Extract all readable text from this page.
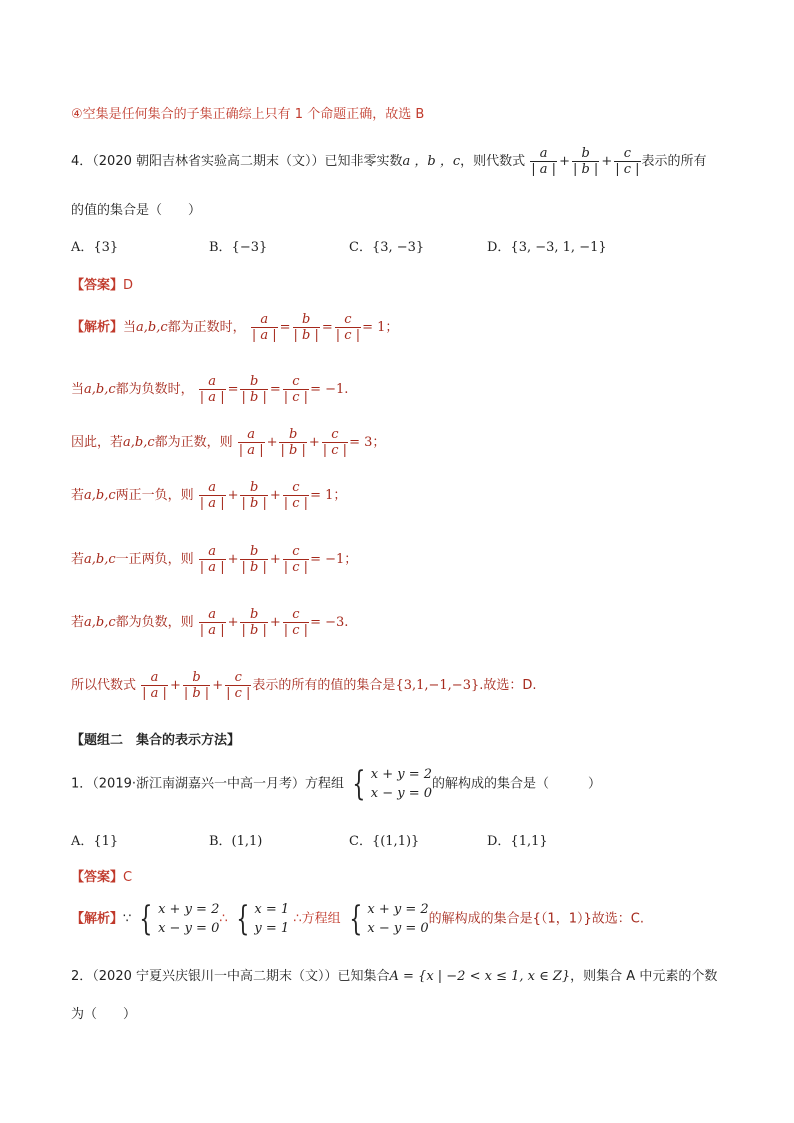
④空集是任何集合的子集正确综上只有 1 个命题正确，故选 B
4．（2020 朝阳吉林省实验高二期末（文））已知非零实数a ，b ，c，则代数式 $\frac{a}{| a |} + \frac{b}{| b |} + \frac{c}{| c |}$ 表示的所有
的值的集合是（　　）
A．{3}	B．{−3}	C．{3, −3}	D．{3, −3, 1, −1}
【答案】D
【解析】当a,b,c都为正数时， $\frac{a}{| a |} = \frac{b}{| b |} = \frac{c}{| c |} = 1$；
当a,b,c都为负数时， $\frac{a}{| a |} = \frac{b}{| b |} = \frac{c}{| c |} = -1$.
因此，若a,b,c都为正数，则 $\frac{a}{| a |} + \frac{b}{| b |} + \frac{c}{| c |} = 3$；
若a,b,c两正一负，则 $\frac{a}{| a |} + \frac{b}{| b |} + \frac{c}{| c |} = 1$；
若a,b,c一正两负，则 $\frac{a}{| a |} + \frac{b}{| b |} + \frac{c}{| c |} = -1$；
若a,b,c都为负数，则 $\frac{a}{| a |} + \frac{b}{| b |} + \frac{c}{| c |} = -3$.
所以代数式 $\frac{a}{| a |} + \frac{b}{| b |} + \frac{c}{| c |}$ 表示的所有的值的集合是{3,1,−1,−3}.故选：D.
【题组二　集合的表示方法】
1．（2019·浙江南湖嘉兴一中高一月考）方程组 { x + y = 2
x − y = 0
的解构成的集合是（　　　）
A．{1}	B．(1,1)	C．{(1,1)}	D．{1,1}
【答案】C
【解析】∵ { x + y = 2
x − y = 0
∴ { x = 1
y = 1
∴方程组 { x + y = 2
x − y = 0
的解构成的集合是{（1，1）}故选：C.
2．（2020 宁夏兴庆银川一中高二期末（文））已知集合A = {x | −2 < x ≤ 1, x ∈ Z}，则集合 A 中元素的个数
为（　　）
